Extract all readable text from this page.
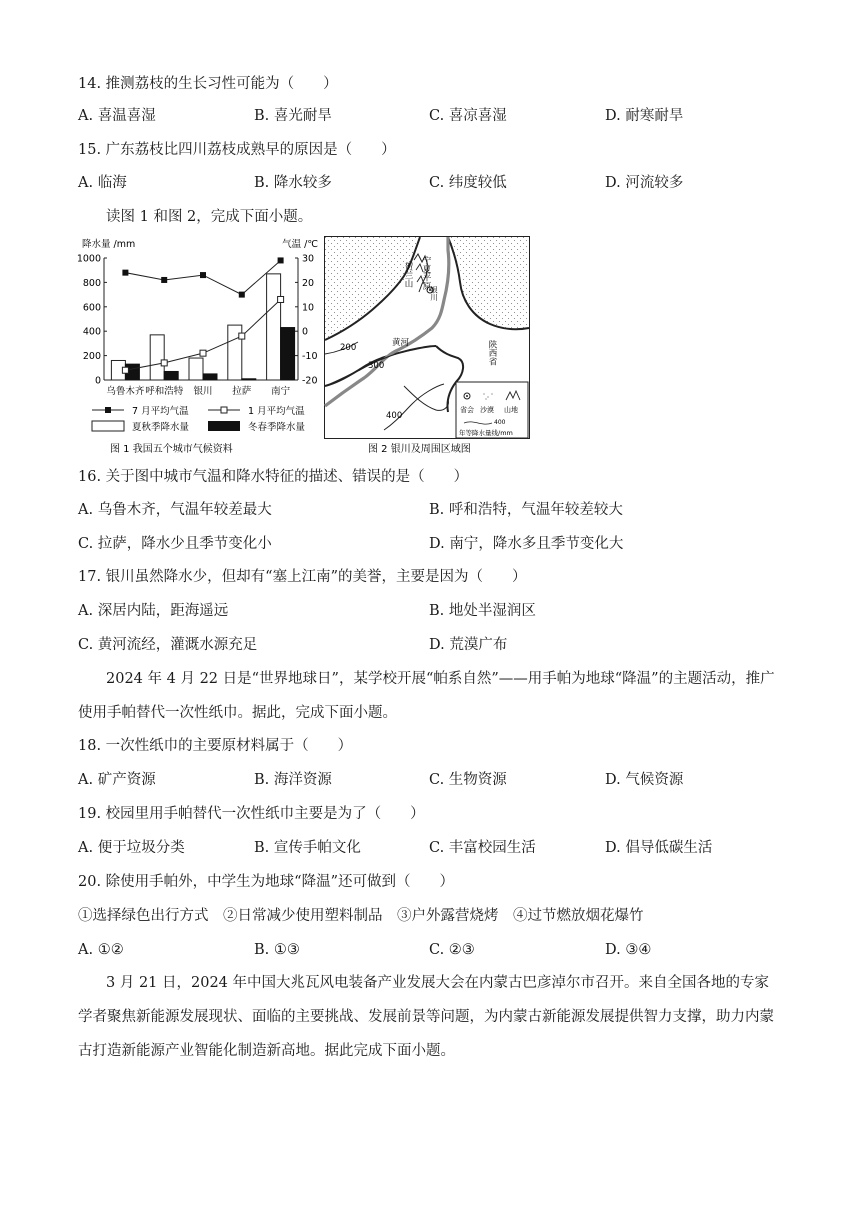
14. 推测荔枝的生长习性可能为（　　）
A. 喜温喜湿	B. 喜光耐旱	C. 喜凉喜湿	D. 耐寒耐旱
15. 广东荔枝比四川荔枝成熟早的原因是（　　）
A. 临海	B. 降水较多	C. 纬度较低	D. 河流较多
读图 1 和图 2，完成下面小题。
降水量 /mm	气温 /℃
1000
800
600
400
200
0
30
20
10
0
-10
-20
乌鲁木齐 呼和浩特 银川 拉萨 南宁
7 月平均气温	1 月平均气温
夏秋季降水量	冬春季降水量
图 1 我国五个城市气候资料
贺兰山 宁夏平原
银川
黄河	陕西省
200
300
400
省会 沙漠 山地
400
年等降水量线/mm
图 2 银川及周围区域图
16. 关于图中城市气温和降水特征的描述、错误的是（　　）
A. 乌鲁木齐，气温年较差最大	B. 呼和浩特，气温年较差较大
C. 拉萨，降水少且季节变化小	D. 南宁，降水多且季节变化大
17. 银川虽然降水少，但却有“塞上江南”的美誉，主要是因为（　　）
A. 深居内陆，距海遥远	B. 地处半湿润区
C. 黄河流经，灌溉水源充足	D. 荒漠广布
2024 年 4 月 22 日是“世界地球日”，某学校开展“帕系自然”——用手帕为地球“降温”的主题活动，推广使用手帕替代一次性纸巾。据此，完成下面小题。
18. 一次性纸巾的主要原材料属于（　　）
A. 矿产资源	B. 海洋资源	C. 生物资源	D. 气候资源
19. 校园里用手帕替代一次性纸巾主要是为了（　　）
A. 便于垃圾分类	B. 宣传手帕文化	C. 丰富校园生活	D. 倡导低碳生活
20. 除使用手帕外，中学生为地球“降温”还可做到（　　）
①选择绿色出行方式　②日常减少使用塑料制品　③户外露营烧烤　④过节燃放烟花爆竹
A. ①②	B. ①③	C. ②③	D. ③④
3 月 21 日，2024 年中国大兆瓦风电装备产业发展大会在内蒙古巴彦淖尔市召开。来自全国各地的专家学者聚焦新能源发展现状、面临的主要挑战、发展前景等问题，为内蒙古新能源发展提供智力支撑，助力内蒙古打造新能源产业智能化制造新高地。据此完成下面小题。
